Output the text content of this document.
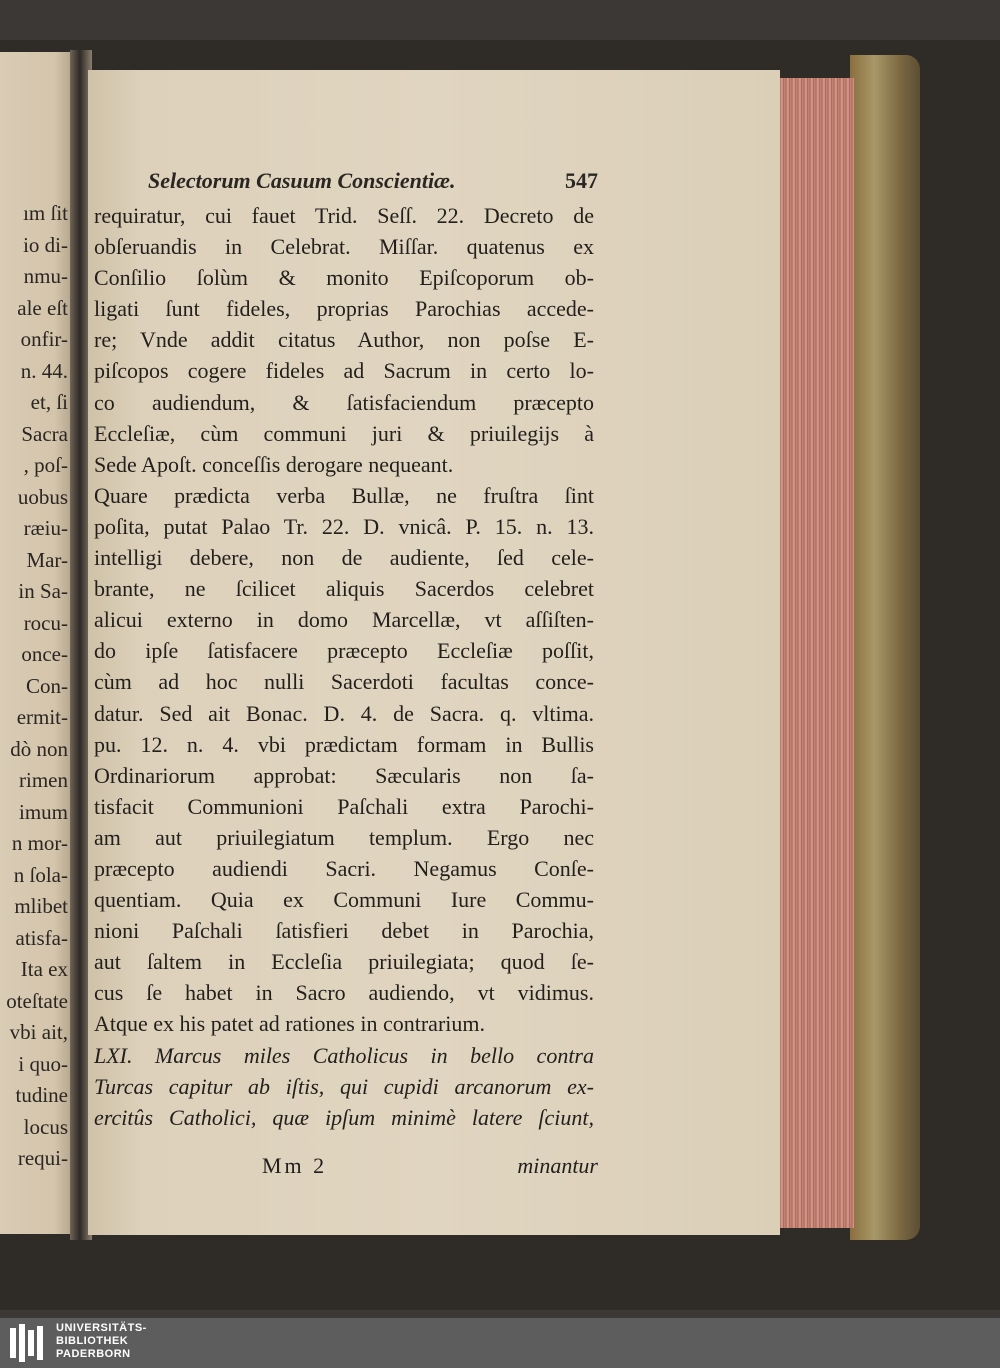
ım ſit
io di-
nmu-
ale eſt
onfir-
n. 44.
et, ſi
Sacra
, poſ-
uobus
ræiu-
Mar-
in Sa-
rocu-
once-
Con-
ermit-
dò non
rimen
imum
n mor-
n ſola-
mlibet
atisfa-
Ita ex
oteſtate
vbi ait,
i quo-
tudine
locus
requi-
Selectorum Casuum Conscientiæ.	547
requiratur, cui fauet Trid. Seſſ. 22. Decreto de
obſeruandis in Celebrat. Miſſar. quatenus ex
Conſilio ſolùm & monito Epiſcoporum ob-
ligati ſunt fideles, proprias Parochias accede-
re; Vnde addit citatus Author, non poſse E-
piſcopos cogere fideles ad Sacrum in certo lo-
co audiendum, & ſatisfaciendum præcepto
Eccleſiæ, cùm communi juri & priuilegijs à
Sede Apoſt. conceſſis derogare nequeant.
Quare prædicta verba Bullæ, ne fruſtra ſint
poſita, putat Palao Tr. 22. D. vnicâ. P. 15. n. 13.
intelligi debere, non de audiente, ſed cele-
brante, ne ſcilicet aliquis Sacerdos celebret
alicui externo in domo Marcellæ, vt aſſiſten-
do ipſe ſatisfacere præcepto Eccleſiæ poſſit,
cùm ad hoc nulli Sacerdoti facultas conce-
datur. Sed ait Bonac. D. 4. de Sacra. q. vltima.
pu. 12. n. 4. vbi prædictam formam in Bullis
Ordinariorum approbat: Sæcularis non ſa-
tisfacit Communioni Paſchali extra Parochi-
am aut priuilegiatum templum. Ergo nec
præcepto audiendi Sacri. Negamus Conſe-
quentiam. Quia ex Communi Iure Commu-
nioni Paſchali ſatisfieri debet in Parochia,
aut ſaltem in Eccleſia priuilegiata; quod ſe-
cus ſe habet in Sacro audiendo, vt vidimus.
Atque ex his patet ad rationes in contrarium.
LXI. Marcus miles Catholicus in bello contra
Turcas capitur ab iſtis, qui cupidi arcanorum ex-
ercitûs Catholici, quæ ipſum minimè latere ſciunt,
Mm 2	minantur
UNIVERSITÄTS-
BIBLIOTHEK
PADERBORN
